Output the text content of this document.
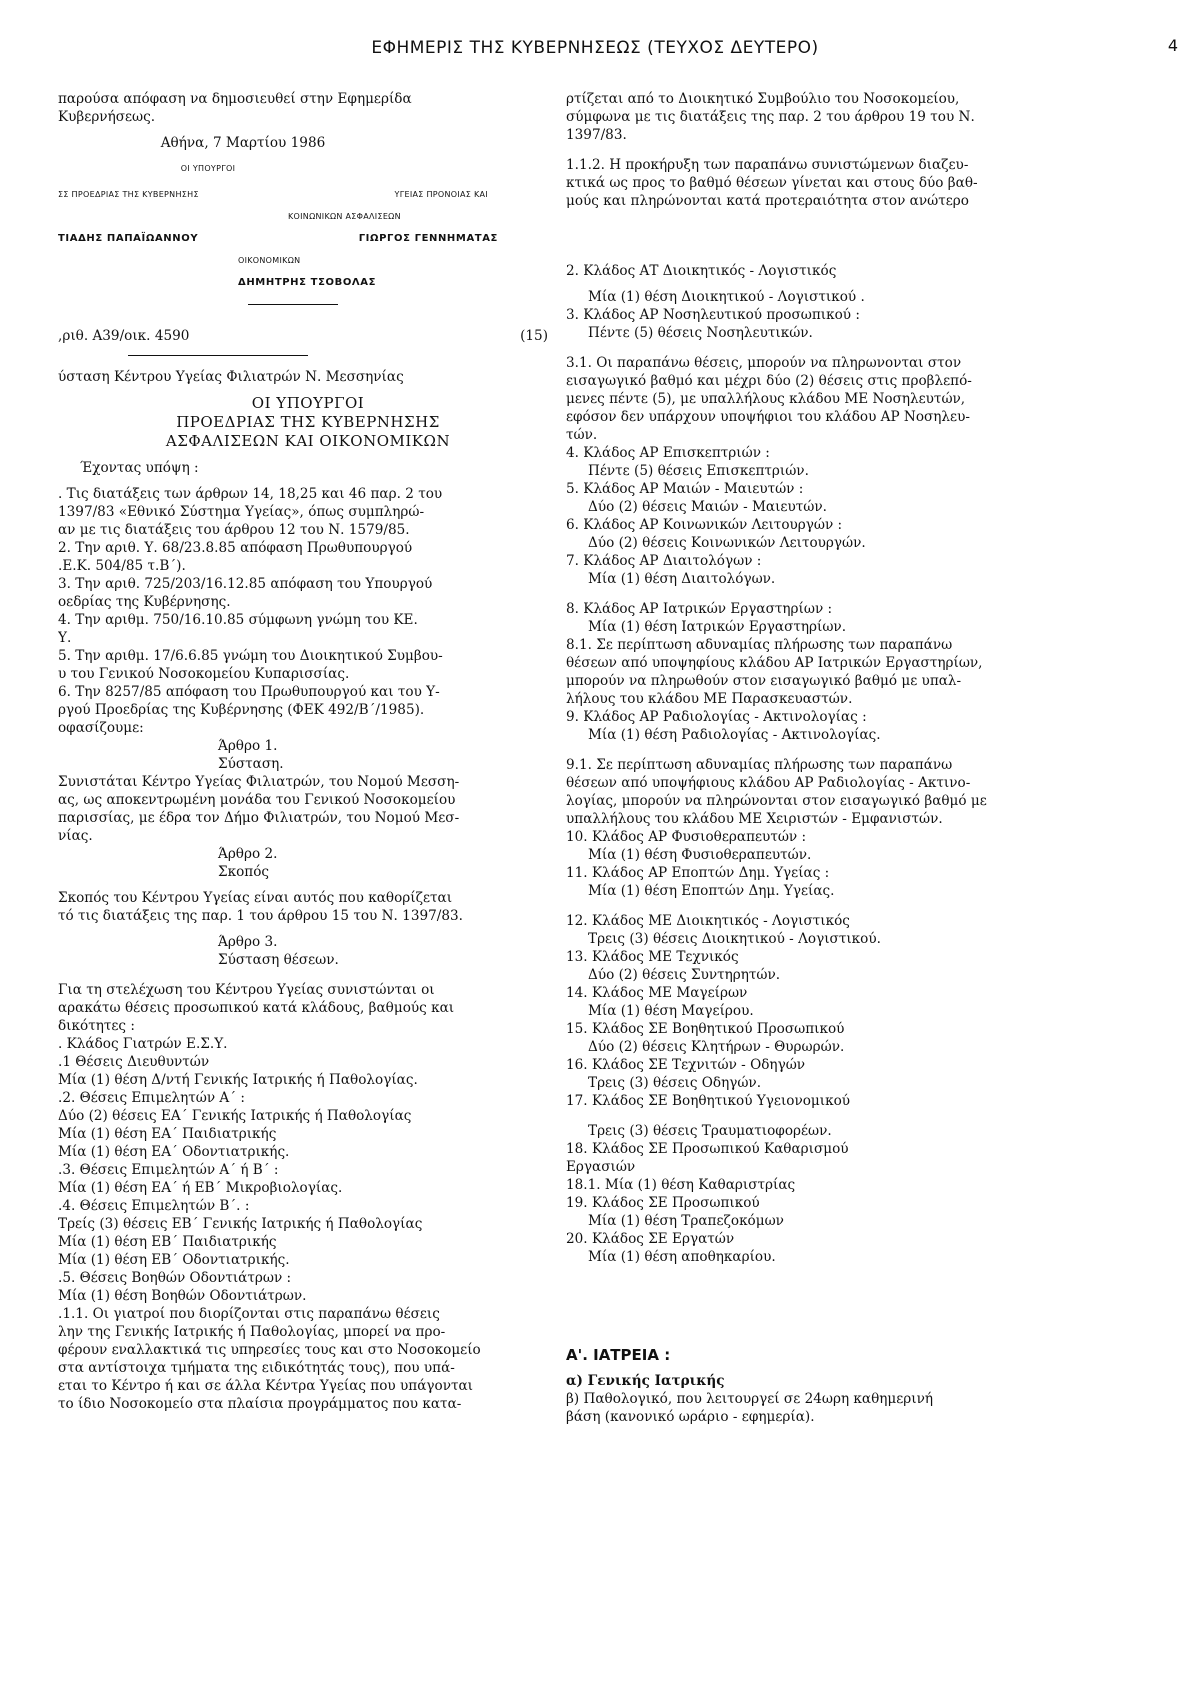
ΕΦΗΜΕΡΙΣ ΤΗΣ ΚΥΒΕΡΝΗΣΕΩΣ (ΤΕΥΧΟΣ ΔΕΥΤΕΡΟ)	4
παρούσα απόφαση να δημοσιευθεί στην Εφημερίδα
Κυβερνήσεως.
Αθήνα, 7 Μαρτίου 1986
ΟΙ ΥΠΟΥΡΓΟΙ
ΣΣ ΠΡΟΕΔΡΙΑΣ ΤΗΣ ΚΥΒΕΡΝΗΣΗΣ	ΥΓΕΙΑΣ ΠΡΟΝΟΙΑΣ ΚΑΙ
ΚΟΙΝΩΝΙΚΩΝ ΑΣΦΑΛΙΣΕΩΝ
ΤΙΑΔΗΣ ΠΑΠΑΪΩΑΝΝΟΥ	ΓΙΩΡΓΟΣ ΓΕΝΝΗΜΑΤΑΣ
ΟΙΚΟΝΟΜΙΚΩΝ
ΔΗΜΗΤΡΗΣ ΤΣΟΒΟΛΑΣ
,ριθ. Α39/οικ. 4590	(15)
ύσταση Κέντρου Υγείας Φιλιατρών Ν. Μεσσηνίας
ΟΙ ΥΠΟΥΡΓΟΙ
ΠΡΟΕΔΡΙΑΣ ΤΗΣ ΚΥΒΕΡΝΗΣΗΣ
ΑΣΦΑΛΙΣΕΩΝ ΚΑΙ ΟΙΚΟΝΟΜΙΚΩΝ
Έχοντας υπόψη :
. Τις διατάξεις των άρθρων 14, 18,25 και 46 παρ. 2 του
1397/83 «Εθνικό Σύστημα Υγείας», όπως συμπληρώ-
αν με τις διατάξεις του άρθρου 12 του Ν. 1579/85.
2. Την αριθ. Υ. 68/23.8.85 απόφαση Πρωθυπουργού
.Ε.Κ. 504/85 τ.Β΄).
3. Την αριθ. 725/203/16.12.85 απόφαση του Υπουργού
οεδρίας της Κυβέρνησης.
4. Την αριθμ. 750/16.10.85 σύμφωνη γνώμη του ΚΕ.
Υ.
5. Την αριθμ. 17/6.6.85 γνώμη του Διοικητικού Συμβου-
υ του Γενικού Νοσοκομείου Κυπαρισσίας.
6. Την 8257/85 απόφαση του Πρωθυπουργού και του Υ-
ργού Προεδρίας της Κυβέρνησης (ΦΕΚ 492/Β΄/1985).
οφασίζουμε:
Άρθρο 1.
Σύσταση.
Συνιστάται Κέντρο Υγείας Φιλιατρών, του Νομού Μεσση-
ας, ως αποκεντρωμένη μονάδα του Γενικού Νοσοκομείου
παρισσίας, με έδρα τον Δήμο Φιλιατρών, του Νομού Μεσ-
νίας.
Άρθρο 2.
Σκοπός
Σκοπός του Κέντρου Υγείας είναι αυτός που καθορίζεται
τό τις διατάξεις της παρ. 1 του άρθρου 15 του Ν. 1397/83.
Άρθρο 3.
Σύσταση θέσεων.
Για τη στελέχωση του Κέντρου Υγείας συνιστώνται οι
αρακάτω θέσεις προσωπικού κατά κλάδους, βαθμούς και
δικότητες :
. Κλάδος Γιατρών Ε.Σ.Υ.
.1 Θέσεις Διευθυντών
Μία (1) θέση Δ/ντή Γενικής Ιατρικής ή Παθολογίας.
.2. Θέσεις Επιμελητών Α΄ :
Δύο (2) θέσεις ΕΑ΄ Γενικής Ιατρικής ή Παθολογίας
Μία (1) θέση ΕΑ΄ Παιδιατρικής
Μία (1) θέση ΕΑ΄ Οδοντιατρικής.
.3. Θέσεις Επιμελητών Α΄ ή Β΄ :
Μία (1) θέση ΕΑ΄ ή ΕΒ΄ Μικροβιολογίας.
.4. Θέσεις Επιμελητών Β΄. :
Τρείς (3) θέσεις ΕΒ΄ Γενικής Ιατρικής ή Παθολογίας
Μία (1) θέση ΕΒ΄ Παιδιατρικής
Μία (1) θέση ΕΒ΄ Οδοντιατρικής.
.5. Θέσεις Βοηθών Οδοντιάτρων :
Μία (1) θέση Βοηθών Οδοντιάτρων.
.1.1. Οι γιατροί που διορίζονται στις παραπάνω θέσεις
λην της Γενικής Ιατρικής ή Παθολογίας, μπορεί να προ-
φέρουν εναλλακτικά τις υπηρεσίες τους και στο Νοσοκομείο
στα αντίστοιχα τμήματα της ειδικότητάς τους), που υπά-
εται το Κέντρο ή και σε άλλα Κέντρα Υγείας που υπάγονται
το ίδιο Νοσοκομείο στα πλαίσια προγράμματος που κατα-
ρτίζεται από το Διοικητικό Συμβούλιο του Νοσοκομείου,
σύμφωνα με τις διατάξεις της παρ. 2 του άρθρου 19 του Ν.
1397/83.
1.1.2. Η προκήρυξη των παραπάνω συνιστώμενων διαζευ-
κτικά ως προς το βαθμό θέσεων γίνεται και στους δύο βαθ-
μούς και πληρώνονται κατά προτεραιότητα στον ανώτερο
2. Κλάδος ΑΤ Διοικητικός - Λογιστικός
Μία (1) θέση Διοικητικού - Λογιστικού .
3. Κλάδος ΑΡ Νοσηλευτικού προσωπικού :
Πέντε (5) θέσεις Νοσηλευτικών.
3.1. Οι παραπάνω θέσεις, μπορούν να πληρωνονται στον
εισαγωγικό βαθμό και μέχρι δύο (2) θέσεις στις προβλεπό-
μενες πέντε (5), με υπαλλήλους κλάδου ΜΕ Νοσηλευτών,
εφόσον δεν υπάρχουν υποψήφιοι του κλάδου ΑΡ Νοσηλευ-
τών.
4. Κλάδος ΑΡ Επισκεπτριών :
Πέντε (5) θέσεις Επισκεπτριών.
5. Κλάδος ΑΡ Μαιών - Μαιευτών :
Δύο (2) θέσεις Μαιών - Μαιευτών.
6. Κλάδος ΑΡ Κοινωνικών Λειτουργών :
Δύο (2) θέσεις Κοινωνικών Λειτουργών.
7. Κλάδος ΑΡ Διαιτολόγων :
Μία (1) θέση Διαιτολόγων.
8. Κλάδος ΑΡ Ιατρικών Εργαστηρίων :
Μία (1) θέση Ιατρικών Εργαστηρίων.
8.1. Σε περίπτωση αδυναμίας πλήρωσης των παραπάνω
θέσεων από υποψηφίους κλάδου ΑΡ Ιατρικών Εργαστηρίων,
μπορούν να πληρωθούν στον εισαγωγικό βαθμό με υπαλ-
λήλους του κλάδου ΜΕ Παρασκευαστών.
9. Κλάδος ΑΡ Ραδιολογίας - Ακτινολογίας :
Μία (1) θέση Ραδιολογίας - Ακτινολογίας.
9.1. Σε περίπτωση αδυναμίας πλήρωσης των παραπάνω
θέσεων από υποψήφιους κλάδου ΑΡ Ραδιολογίας - Ακτινο-
λογίας, μπορούν να πληρώνονται στον εισαγωγικό βαθμό με
υπαλλήλους του κλάδου ΜΕ Χειριστών - Εμφανιστών.
10. Κλάδος ΑΡ Φυσιοθεραπευτών :
Μία (1) θέση Φυσιοθεραπευτών.
11. Κλάδος ΑΡ Εποπτών Δημ. Υγείας :
Μία (1) θέση Εποπτών Δημ. Υγείας.
12. Κλάδος ΜΕ Διοικητικός - Λογιστικός
Τρεις (3) θέσεις Διοικητικού - Λογιστικού.
13. Κλάδος ΜΕ Τεχνικός
Δύο (2) θέσεις Συντηρητών.
14. Κλάδος ΜΕ Μαγείρων
Μία (1) θέση Μαγείρου.
15. Κλάδος ΣΕ Βοηθητικού Προσωπικού
Δύο (2) θέσεις Κλητήρων - Θυρωρών.
16. Κλάδος ΣΕ Τεχνιτών - Οδηγών
Τρεις (3) θέσεις Οδηγών.
17. Κλάδος ΣΕ Βοηθητικού Υγειονομικού
Τρεις (3) θέσεις Τραυματιοφορέων.
18. Κλάδος ΣΕ Προσωπικού Καθαρισμού
Εργασιών
18.1. Μία (1) θέση Καθαριστρίας
19. Κλάδος ΣΕ Προσωπικού
Μία (1) θέση Τραπεζοκόμων
20. Κλάδος ΣΕ Εργατών
Μία (1) θέση αποθηκαρίου.
Α'. ΙΑΤΡΕΙΑ :
α) Γενικής Ιατρικής
β) Παθολογικό, που λειτουργεί σε 24ωρη καθημερινή
βάση (κανονικό ωράριο - εφημερία).
